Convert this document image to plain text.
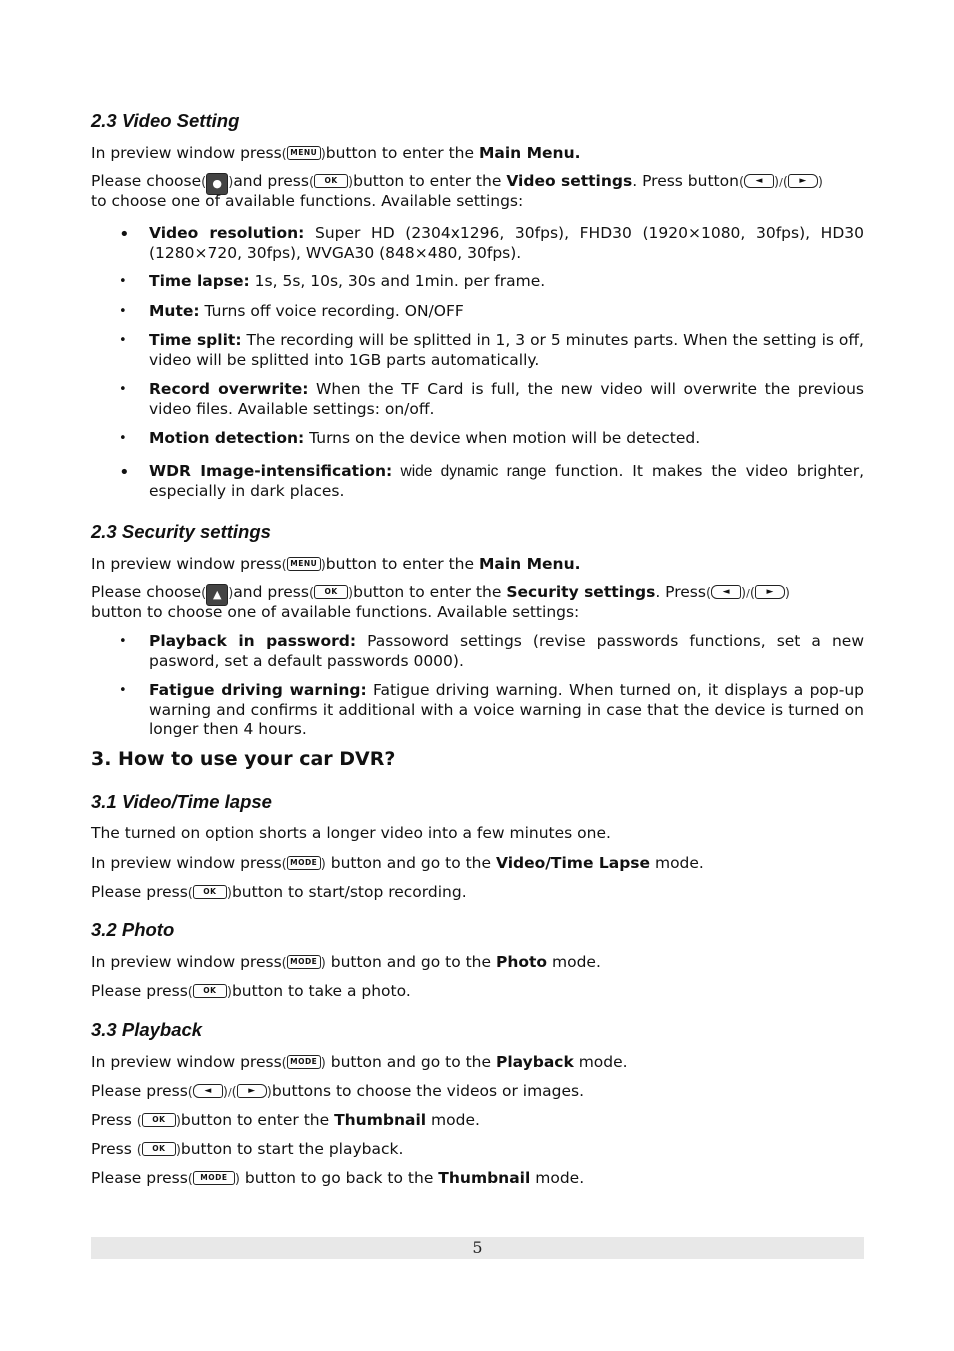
2.3 Video Setting

In preview window press( MENU )button to enter the Main Menu.

Please choose( ● )and press( OK )button to enter the Video settings. Press button( ◄ )/( ► )

to choose one of available functions. Available settings:

• Video resolution: Super HD (2304x1296, 30fps), FHD30 (1920×1080, 30fps), HD30 (1280×720, 30fps), WVGA30 (848×480, 30fps).

• Time lapse: 1s, 5s, 10s, 30s and 1min. per frame.

• Mute: Turns off voice recording. ON/OFF

• Time split: The recording will be splitted in 1, 3 or 5 minutes parts. When the setting is off, video will be splitted into 1GB parts automatically.

• Record overwrite: When the TF Card is full, the new video will overwrite the previous video files. Available settings: on/off.

• Motion detection: Turns on the device when motion will be detected.

• WDR Image-intensification: wide dynamic range function. It makes the video brighter, especially in dark places.

2.3 Security settings

In preview window press( MENU )button to enter the Main Menu.

Please choose( ▲ )and press( OK )button to enter the Security settings. Press( ◄ )/( ► )

button to choose one of available functions. Available settings:

• Playback in password: Passoword settings (revise passwords functions, set a new pasword, set a default passwords 0000).

• Fatigue driving warning: Fatigue driving warning. When turned on, it displays a pop-up warning and confirms it additional with a voice warning in case that the device is turned on longer then 4 hours.

3. How to use your car DVR?
3.1 Video/Time lapse

The turned on option shorts a longer video into a few minutes one.

In preview window press( MODE ) button and go to the Video/Time Lapse mode.

Please press( OK )button to start/stop recording.

3.2 Photo

In preview window press( MODE ) button and go to the Photo mode.

Please press( OK )button to take a photo.

3.3 Playback

In preview window press( MODE ) button and go to the Playback mode.

Please press( ◄ )/( ► )buttons to choose the videos or images.

Press ( OK )button to enter the Thumbnail mode.

Press ( OK )button to start the playback.

Please press( MODE ) button to go back to the Thumbnail mode.

5
